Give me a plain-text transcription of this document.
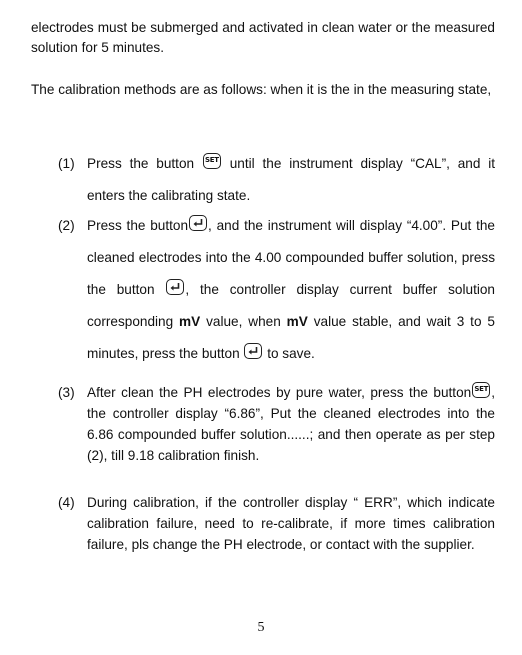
electrodes must be submerged and activated in clean water or the measured solution for 5 minutes.

The calibration methods are as follows: when it is the in the measuring state,

(1) Press the button SET until the instrument display “CAL”, and it enters the calibrating state.

(2) Press the button , and the instrument will display “4.00”. Put the cleaned electrodes into the 4.00 compounded buffer solution, press the button
, the controller display current buffer solution corresponding mV value, when mV value stable, and wait 3 to 5 minutes, press the button
to save.

(3) After clean the PH electrodes by pure water, press the button SET , the controller display “6.86”, Put the cleaned electrodes into the 6.86 compounded buffer solution......; and then operate as per step (2), till 9.18 calibration finish.

(4) During calibration, if the controller display “ ERR”, which indicate calibration failure, need to re-calibrate, if more times calibration failure, pls change the PH electrode, or contact with the supplier.

5
